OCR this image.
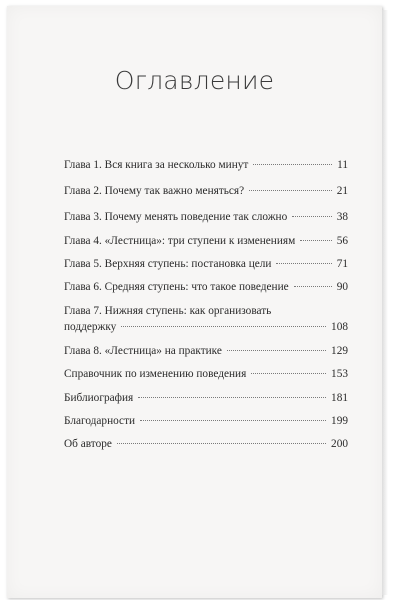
Оглавление
Глава 1. Вся книга за несколько минут	11
Глава 2. Почему так важно меняться?	21
Глава 3. Почему менять поведение так сложно	38
Глава 4. «Лестница»: три ступени к изменениям	56
Глава 5. Верхняя ступень: постановка цели	71
Глава 6. Средняя ступень: что такое поведение	90
Глава 7. Нижняя ступень: как организовать
поддержку	108
Глава 8. «Лестница» на практике	129
Справочник по изменению поведения	153
Библиография	181
Благодарности	199
Об авторе	200
